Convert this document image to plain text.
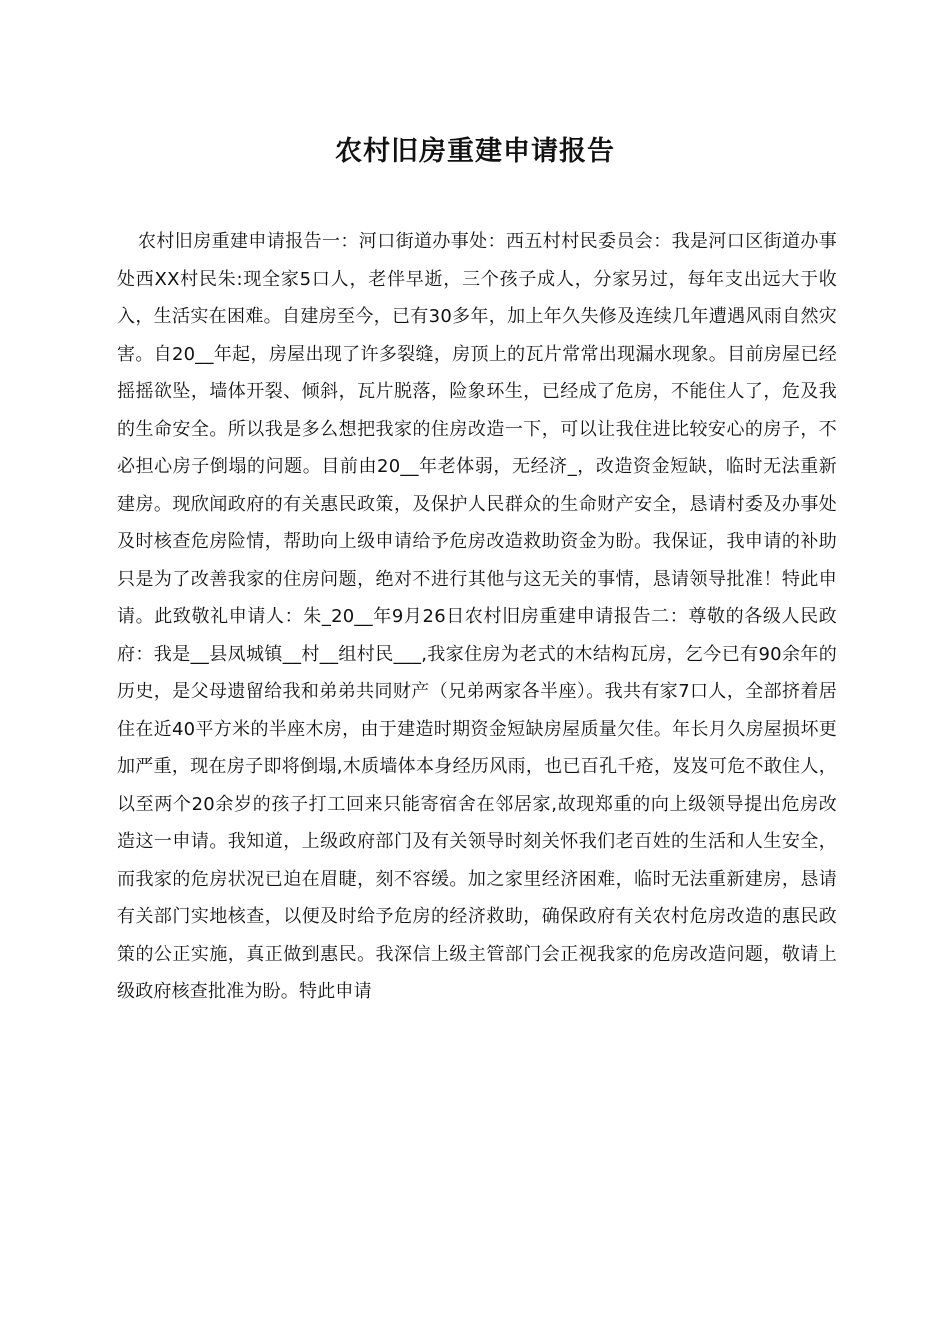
农村旧房重建申请报告

农村旧房重建申请报告一：河口街道办事处：西五村村民委员会：我是河口区街道办事处西XX村民朱:现全家5口人，老伴早逝，三个孩子成人，分家另过，每年支出远大于收入，生活实在困难。自建房至今，已有30多年，加上年久失修及连续几年遭遇风雨自然灾害。自20__年起，房屋出现了许多裂缝，房顶上的瓦片常常出现漏水现象。目前房屋已经摇摇欲坠，墙体开裂、倾斜，瓦片脱落，险象环生，已经成了危房，不能住人了，危及我的生命安全。所以我是多么想把我家的住房改造一下，可以让我住进比较安心的房子，不必担心房子倒塌的问题。目前由20__年老体弱，无经济_，改造资金短缺，临时无法重新建房。现欣闻政府的有关惠民政策，及保护人民群众的生命财产安全，恳请村委及办事处及时核查危房险情，帮助向上级申请给予危房改造救助资金为盼。我保证，我申请的补助只是为了改善我家的住房问题，绝对不进行其他与这无关的事情，恳请领导批准！特此申请。此致敬礼申请人：朱_20__年9月26日农村旧房重建申请报告二：尊敬的各级人民政府：我是__县凤城镇__村__组村民___,我家住房为老式的木结构瓦房，乞今已有90余年的历史，是父母遗留给我和弟弟共同财产（兄弟两家各半座）。我共有家7口人，全部挤着居住在近40平方米的半座木房，由于建造时期资金短缺房屋质量欠佳。年长月久房屋损坏更加严重，现在房子即将倒塌,木质墙体本身经历风雨，也已百孔千疮，岌岌可危不敢住人，以至两个20余岁的孩子打工回来只能寄宿舍在邻居家,故现郑重的向上级领导提出危房改造这一申请。我知道，上级政府部门及有关领导时刻关怀我们老百姓的生活和人生安全，而我家的危房状况已迫在眉睫，刻不容缓。加之家里经济困难，临时无法重新建房，恳请有关部门实地核查，以便及时给予危房的经济救助，确保政府有关农村危房改造的惠民政策的公正实施，真正做到惠民。我深信上级主管部门会正视我家的危房改造问题，敬请上级政府核查批准为盼。特此申请
